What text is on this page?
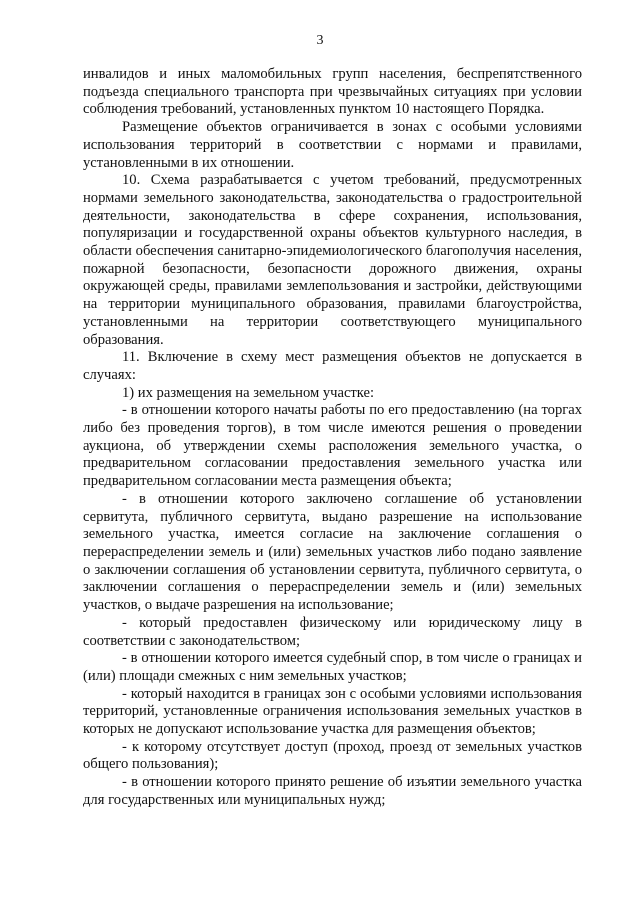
3

инвалидов и иных маломобильных групп населения, беспрепятственного подъезда специального транспорта при чрезвычайных ситуациях при условии соблюдения требований, установленных пунктом 10 настоящего Порядка.

Размещение объектов ограничивается в зонах с особыми условиями использования территорий в соответствии с нормами и правилами, установленными в их отношении.

10. Схема разрабатывается с учетом требований, предусмотренных нормами земельного законодательства, законодательства о градостроительной деятельности, законодательства в сфере сохранения, использования, популяризации и государственной охраны объектов культурного наследия, в области обеспечения санитарно-эпидемиологического благополучия населения, пожарной безопасности, безопасности дорожного движения, охраны окружающей среды, правилами землепользования и застройки, действующими на территории муниципального образования, правилами благоустройства, установленными на территории соответствующего муниципального образования.

11. Включение в схему мест размещения объектов не допускается в случаях:

1) их размещения на земельном участке:

- в отношении которого начаты работы по его предоставлению (на торгах либо без проведения торгов), в том числе имеются решения о проведении аукциона, об утверждении схемы расположения земельного участка, о предварительном согласовании предоставления земельного участка или предварительном согласовании места размещения объекта;

- в отношении которого заключено соглашение об установлении сервитута, публичного сервитута, выдано разрешение на использование земельного участка, имеется согласие на заключение соглашения о перераспределении земель и (или) земельных участков либо подано заявление о заключении соглашения об установлении сервитута, публичного сервитута, о заключении соглашения о перераспределении земель и (или) земельных участков, о выдаче разрешения на использование;

- который предоставлен физическому или юридическому лицу в соответствии с законодательством;

- в отношении которого имеется судебный спор, в том числе о границах и (или) площади смежных с ним земельных участков;

- который находится в границах зон с особыми условиями использования территорий, установленные ограничения использования земельных участков в которых не допускают использование участка для размещения объектов;

- к которому отсутствует доступ (проход, проезд от земельных участков общего пользования);

- в отношении которого принято решение об изъятии земельного участка для государственных или муниципальных нужд;
